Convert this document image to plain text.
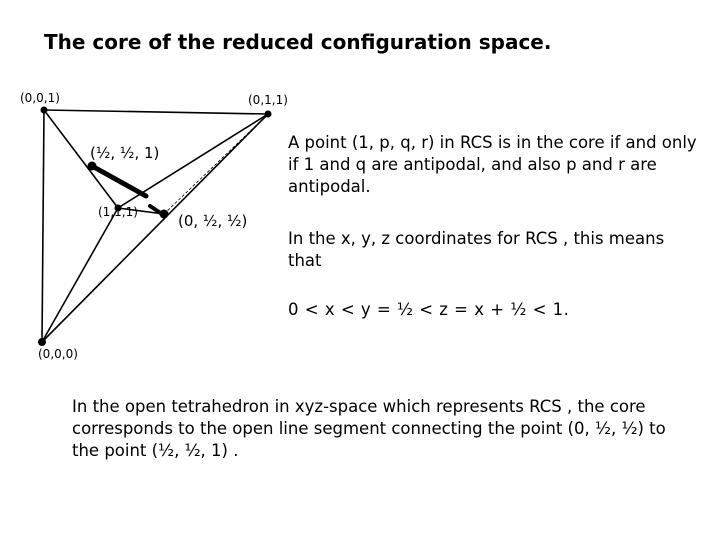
The core of the reduced configuration space.
(0,0,1)	(0,1,1)
(½, ½, 1)
(1,1,1)	(0, ½, ½)
(0,0,0)
A point (1, p, q, r) in RCS is in the core if and only if 1 and q are antipodal, and also p and r are antipodal.
In the x, y, z coordinates for RCS , this means that
0 < x < y = ½ < z = x + ½ < 1.
In the open tetrahedron in xyz-space which represents RCS , the core corresponds to the open line segment connecting the point (0, ½, ½) to the point (½, ½, 1) .
